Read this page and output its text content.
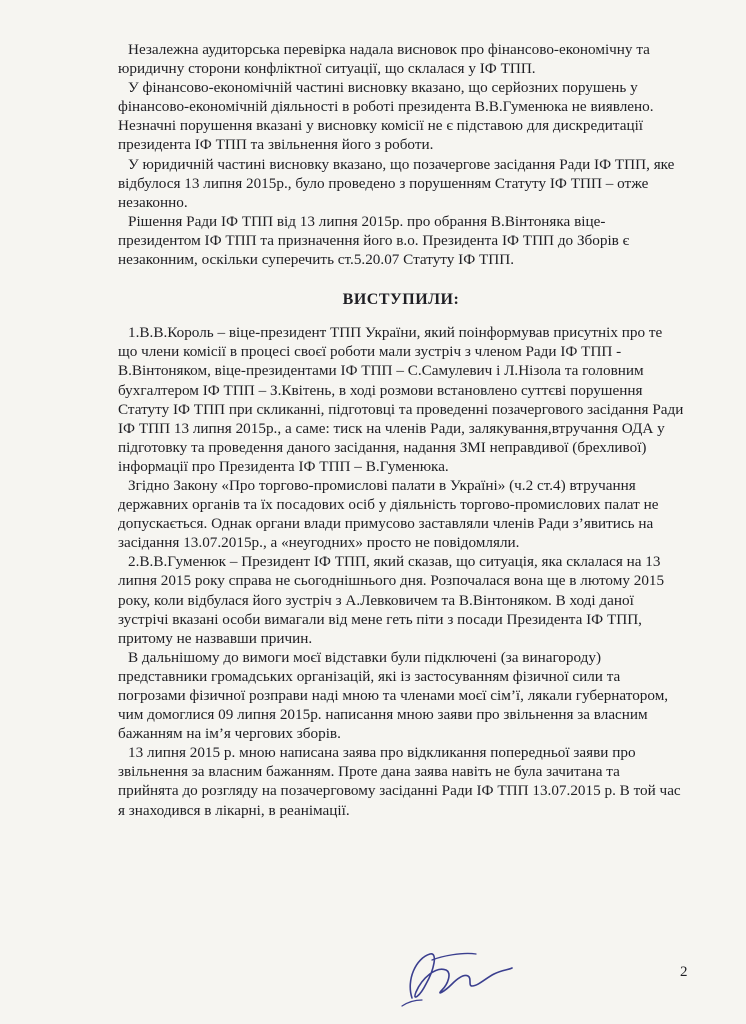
Незалежна аудиторська перевірка надала висновок про фінансово-економічну та юридичну сторони конфліктної ситуації, що склалася у ІФ ТПП.

У фінансово-економічній частині висновку вказано, що серйозних порушень у фінансово-економічній діяльності в роботі президента В.В.Гуменюка не виявлено. Незначні порушення вказані у висновку комісії не є підставою для дискредитації президента ІФ ТПП та звільнення його з роботи.

У юридичній частині висновку вказано, що позачергове засідання Ради ІФ ТПП, яке відбулося 13 липня 2015р., було проведено з порушенням Статуту ІФ ТПП – отже незаконно.

Рішення Ради ІФ ТПП від 13 липня 2015р. про обрання В.Вінтоняка віце-президентом ІФ ТПП та призначення його в.о. Президента ІФ ТПП до Зборів є незаконним, оскільки суперечить ст.5.20.07 Статуту ІФ ТПП.

ВИСТУПИЛИ:

1.В.В.Король – віце-президент ТПП України, який поінформував присутніх про те що члени комісії в процесі своєї роботи мали зустріч з членом Ради ІФ ТПП - В.Вінтоняком, віце-президентами ІФ ТПП – С.Самулевич і Л.Нізола та головним бухгалтером ІФ ТПП – З.Квітень, в ході розмови встановлено суттєві порушення Статуту ІФ ТПП при скликанні, підготовці та проведенні позачергового засідання Ради ІФ ТПП 13 липня 2015р., а саме: тиск на членів Ради, залякування,втручання ОДА у підготовку та проведення даного засідання, надання ЗМІ неправдивої (брехливої) інформації про Президента ІФ ТПП – В.Гуменюка.

Згідно Закону «Про торгово-промислові палати в Україні» (ч.2 ст.4) втручання державних органів та їх посадових осіб у діяльність торгово-промислових палат не допускається. Однак органи влади примусово заставляли членів Ради з’явитись на засідання 13.07.2015р., а «неугодних» просто не повідомляли.

2.В.В.Гуменюк – Президент ІФ ТПП, який сказав, що ситуація, яка склалася на 13 липня 2015 року справа не сьогоднішнього дня. Розпочалася вона ще в лютому 2015 року, коли відбулася його зустріч з А.Левковичем та В.Вінтоняком. В ході даної зустрічі вказані особи вимагали від мене геть піти з посади Президента ІФ ТПП, притому не назвавши причин.

В дальнішому до вимоги моєї відставки були підключені (за винагороду) представники громадських організацій, які із застосуванням фізичної сили та погрозами фізичної розправи наді мною та членами моєї сім’ї, лякали губернатором, чим домоглися 09 липня 2015р. написання мною заяви про звільнення за власним бажанням на ім’я чергових зборів.

13 липня 2015 р. мною написана заява про відкликання попередньої заяви про звільнення за власним бажанням. Проте дана заява навіть не була зачитана та прийнята до розгляду на позачерговому засіданні Ради ІФ ТПП 13.07.2015 р. В той час я знаходився в лікарні, в реанімації.

2
